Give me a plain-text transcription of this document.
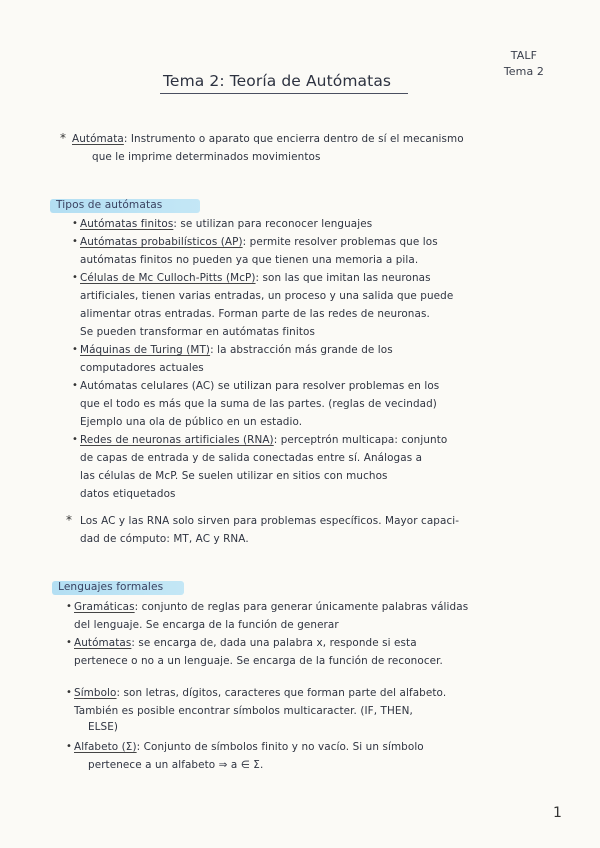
TALF
Tema 2
Tema 2: Teoría de Autómatas
* Autómata: Instrumento o aparato que encierra dentro de sí el mecanismo
que le imprime determinados movimientos
Tipos de autómatas
• Autómatas finitos: se utilizan para reconocer lenguajes
• Autómatas probabilísticos (AP): permite resolver problemas que los
autómatas finitos no pueden ya que tienen una memoria a pila.
• Células de Mc Culloch-Pitts (McP): son las que imitan las neuronas
artificiales, tienen varias entradas, un proceso y una salida que puede
alimentar otras entradas. Forman parte de las redes de neuronas.
Se pueden transformar en autómatas finitos
• Máquinas de Turing (MT): la abstracción más grande de los
computadores actuales
• Autómatas celulares (AC) se utilizan para resolver problemas en los
que el todo es más que la suma de las partes. (reglas de vecindad)
Ejemplo una ola de público en un estadio.
• Redes de neuronas artificiales (RNA): perceptrón multicapa: conjunto
de capas de entrada y de salida conectadas entre sí. Análogas a
las células de McP. Se suelen utilizar en sitios con muchos
datos etiquetados
* Los AC y las RNA solo sirven para problemas específicos. Mayor capaci-
dad de cómputo: MT, AC y RNA.
Lenguajes formales
• Gramáticas: conjunto de reglas para generar únicamente palabras válidas
del lenguaje. Se encarga de la función de generar
• Autómatas: se encarga de, dada una palabra x, responde si esta
pertenece o no a un lenguaje. Se encarga de la función de reconocer.
• Símbolo: son letras, dígitos, caracteres que forman parte del alfabeto.
También es posible encontrar símbolos multicaracter. (IF, THEN,
ELSE)
• Alfabeto (Σ): Conjunto de símbolos finito y no vacío. Si un símbolo
pertenece a un alfabeto ⇒ a ∈ Σ.
1
